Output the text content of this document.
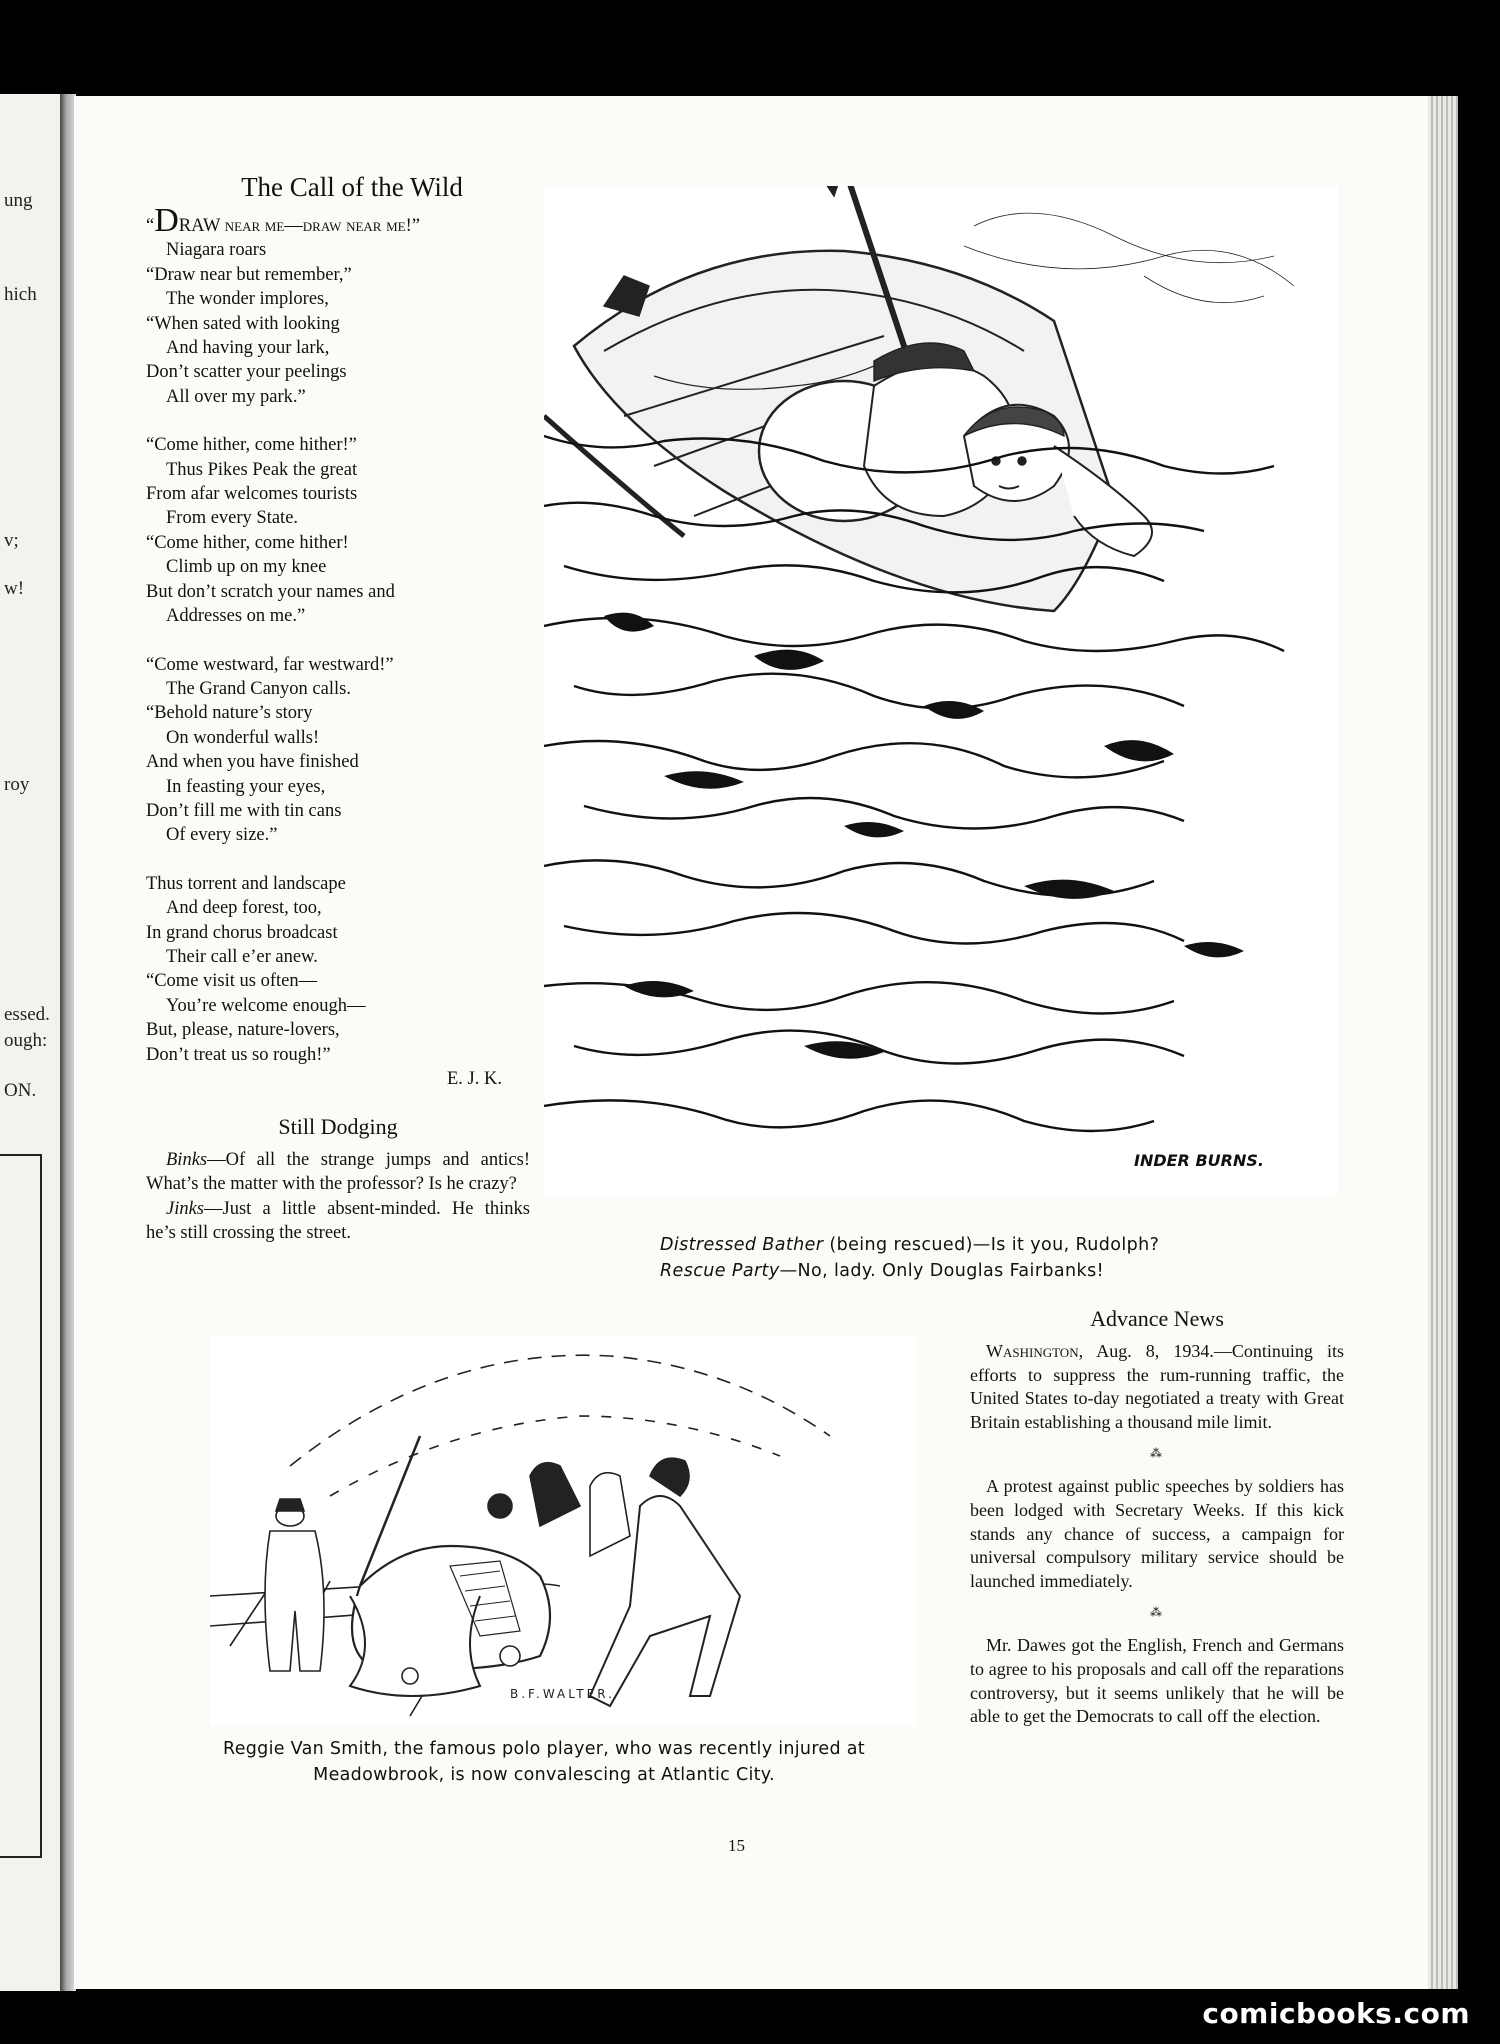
ung
hich
v;
w!
roy
essed.
ough:
ON.
The Call of the Wild
“DRAW near me—draw near me!”
Niagara roars
“Draw near but remember,”
The wonder implores,
“When sated with looking
And having your lark,
Don’t scatter your peelings
All over my park.”
“Come hither, come hither!”
Thus Pikes Peak the great
From afar welcomes tourists
From every State.
“Come hither, come hither!
Climb up on my knee
But don’t scratch your names and
Addresses on me.”
“Come westward, far westward!”
The Grand Canyon calls.
“Behold nature’s story
On wonderful walls!
And when you have finished
In feasting your eyes,
Don’t fill me with tin cans
Of every size.”
Thus torrent and landscape
And deep forest, too,
In grand chorus broadcast
Their call e’er anew.
“Come visit us often—
You’re welcome enough—
But, please, nature-lovers,
Don’t treat us so rough!”
E. J. K.
Still Dodging

Binks—Of all the strange jumps and antics! What’s the matter with the professor? Is he crazy?

Jinks—Just a little absent-minded. He thinks he’s still crossing the street.

INDER BURNS.
Distressed Bather (being rescued)—Is it you, Rudolph?
Rescue Party—No, lady. Only Douglas Fairbanks!
B.F.WALTER.
Reggie Van Smith, the famous polo player, who was recently injured at Meadowbrook, is now convalescing at Atlantic City.
Advance News

Washington, Aug. 8, 1934.—Continuing its efforts to suppress the rum-running traffic, the United States to-day negotiated a treaty with Great Britain establishing a thousand mile limit.

⁂

A protest against public speeches by soldiers has been lodged with Secretary Weeks. If this kick stands any chance of success, a campaign for universal compulsory military service should be launched immediately.

⁂

Mr. Dawes got the English, French and Germans to agree to his proposals and call off the reparations controversy, but it seems unlikely that he will be able to get the Democrats to call off the election.

15
comicbooks.com
